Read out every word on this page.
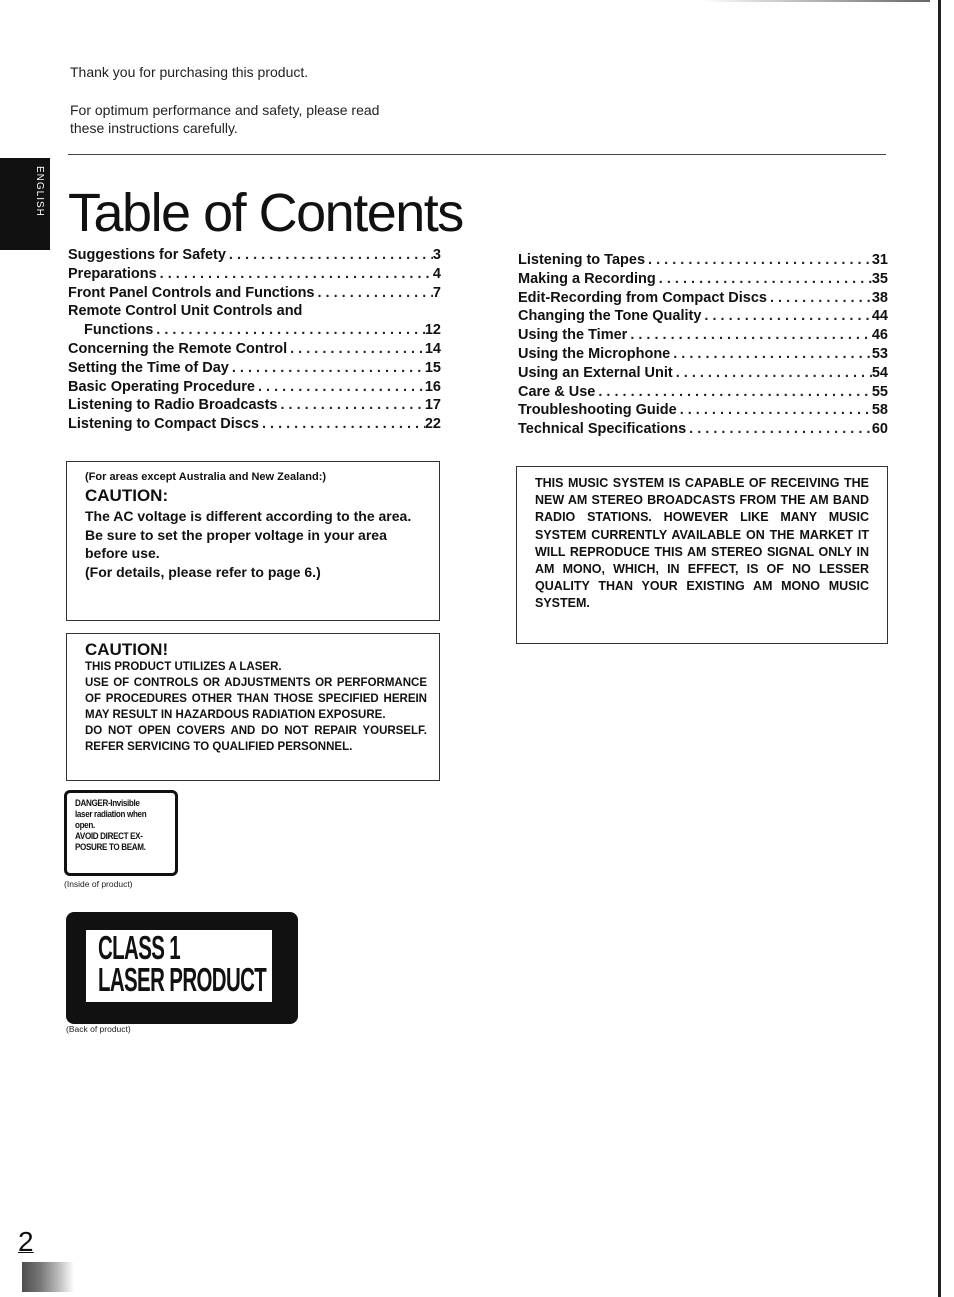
Thank you for purchasing this product.
For optimum performance and safety, please read
these instructions carefully.
ENGLISH Table of Contents
Suggestions for Safety . . .	3
Preparations . . .	4
Front Panel Controls and Functions . . .	7
Remote Control Unit Controls and
Functions . . .	12
Concerning the Remote Control . . .	14
Setting the Time of Day . . .	15
Basic Operating Procedure . . .	16
Listening to Radio Broadcasts . . .	17
Listening to Compact Discs . . .	22
Listening to Tapes . . .	31
Making a Recording . . .	35
Edit-Recording from Compact Discs . . .	38
Changing the Tone Quality . . .	44
Using the Timer . . .	46
Using the Microphone . . .	53
Using an External Unit . . .	54
Care & Use . . .	55
Troubleshooting Guide . . .	58
Technical Specifications . . .	60
(For areas except Australia and New Zealand:)
CAUTION:
The AC voltage is different according to the area.
Be sure to set the proper voltage in your area before use.
(For details, please refer to page 6.)
CAUTION!
THIS PRODUCT UTILIZES A LASER.
USE OF CONTROLS OR ADJUSTMENTS OR PERFORMANCE OF PROCEDURES OTHER THAN THOSE SPECIFIED HEREIN MAY RESULT IN HAZARDOUS RADIATION EXPOSURE.
DO NOT OPEN COVERS AND DO NOT REPAIR YOURSELF. REFER SERVICING TO QUALIFIED PERSONNEL.
THIS MUSIC SYSTEM IS CAPABLE OF RECEIVING THE NEW AM STEREO BROADCASTS FROM THE AM BAND RADIO STATIONS. HOWEVER LIKE MANY MUSIC SYSTEM CURRENTLY AVAILABLE ON THE MARKET IT WILL REPRODUCE THIS AM STEREO SIGNAL ONLY IN AM MONO, WHICH, IN EFFECT, IS OF NO LESSER QUALITY THAN YOUR EXISTING AM MONO MUSIC SYSTEM.
DANGER-Invisible
laser radiation when
open.
AVOID DIRECT EX-
POSURE TO BEAM.
(Inside of product)
CLASS 1
LASER PRODUCT
(Back of product)
2
